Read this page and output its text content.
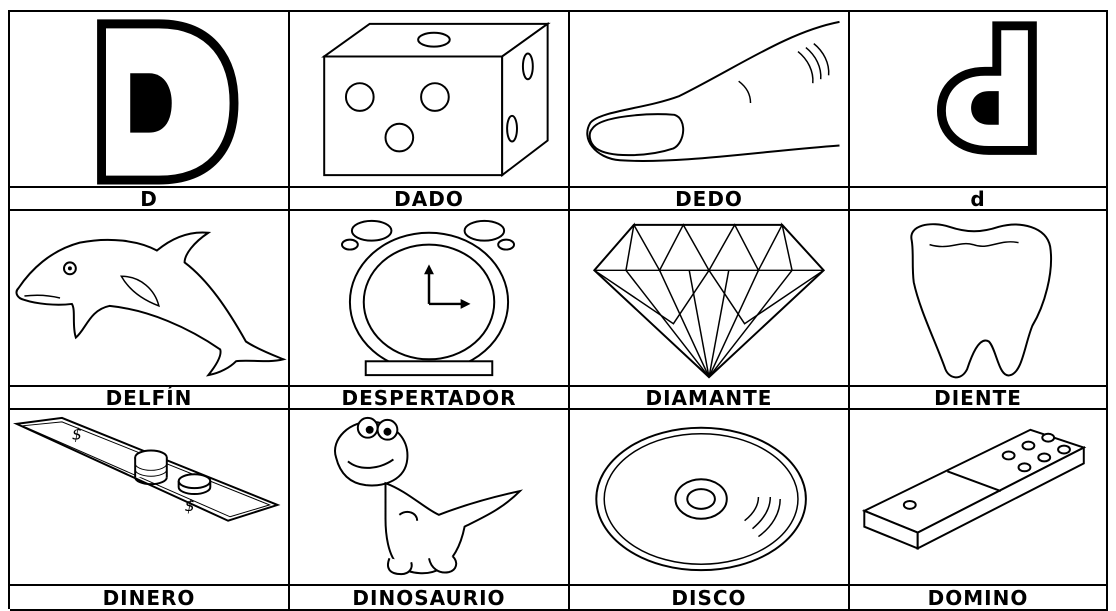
D	DADO	DEDO	d
DELFÍN	DESPERTADOR	DIAMANTE	DIENTE
$
$
DINERO	DINOSAURIO	DISCO	DOMINO
